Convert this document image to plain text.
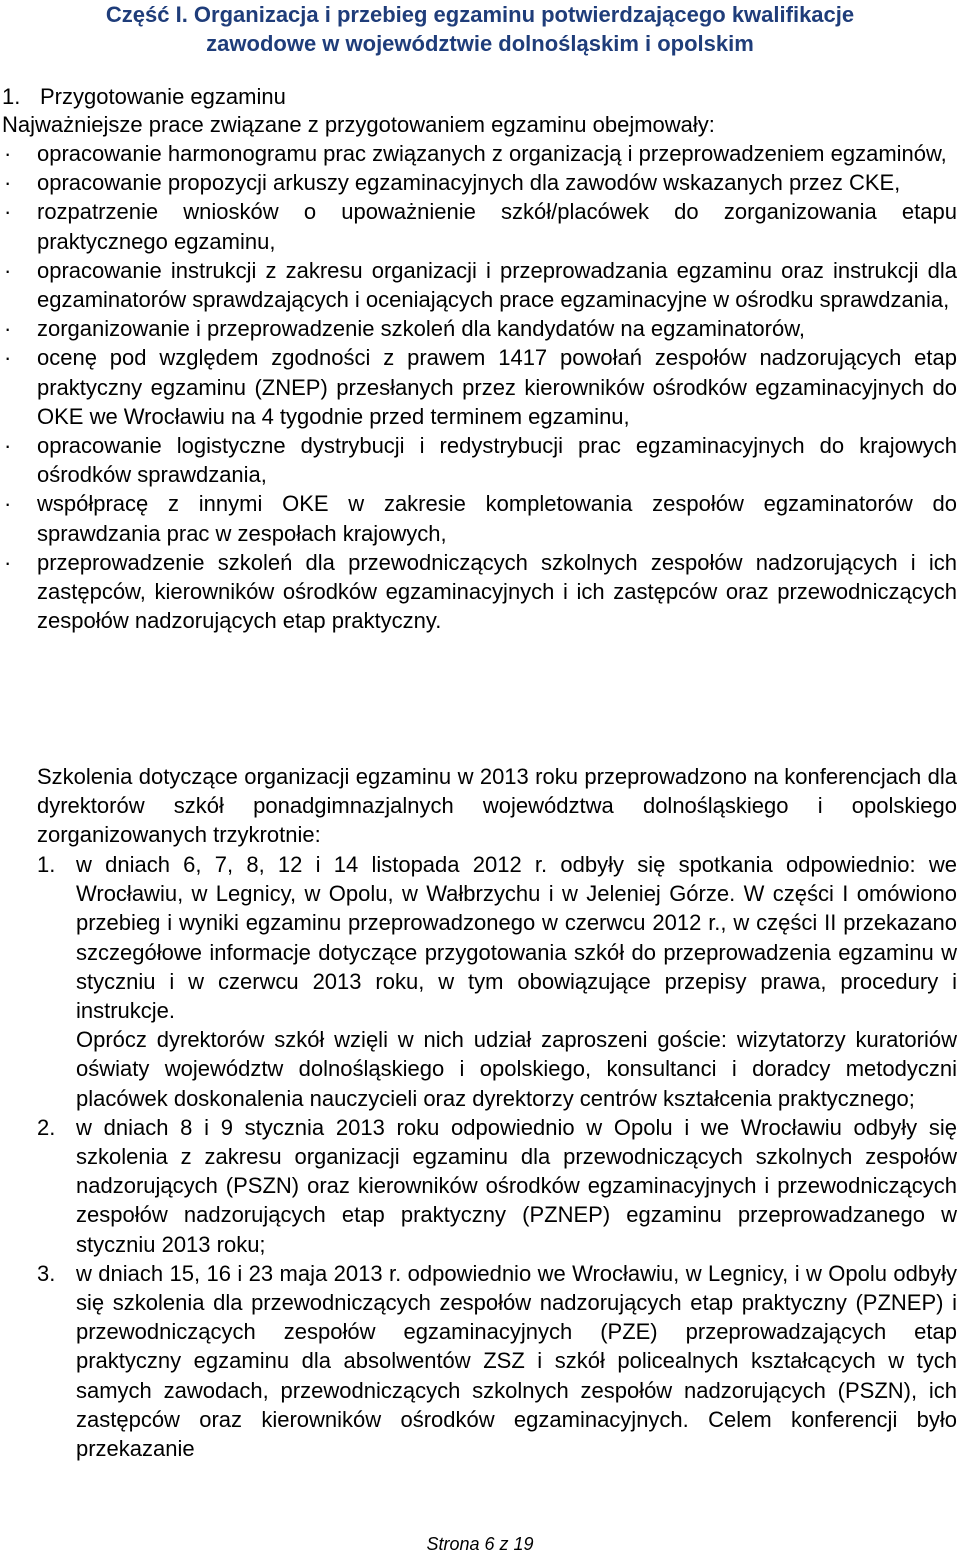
Część I. Organizacja i przebieg egzaminu potwierdzającego kwalifikacje
zawodowe w województwie dolnośląskim i opolskim
1. Przygotowanie egzaminu
Najważniejsze prace związane z przygotowaniem egzaminu obejmowały:
· opracowanie harmonogramu prac związanych z organizacją i przeprowadzeniem egzaminów,
· opracowanie propozycji arkuszy egzaminacyjnych dla zawodów wskazanych przez CKE,
· rozpatrzenie wniosków o upoważnienie szkół/placówek do zorganizowania etapu praktycznego egzaminu,
· opracowanie instrukcji z zakresu organizacji i przeprowadzania egzaminu oraz instrukcji dla egzaminatorów sprawdzających i oceniających prace egzaminacyjne w ośrodku sprawdzania,
· zorganizowanie i przeprowadzenie szkoleń dla kandydatów na egzaminatorów,
· ocenę pod względem zgodności z prawem 1417 powołań zespołów nadzorujących etap praktyczny egzaminu (ZNEP) przesłanych przez kierowników ośrodków egzaminacyjnych do OKE we Wrocławiu na 4 tygodnie przed terminem egzaminu,
· opracowanie logistyczne dystrybucji i redystrybucji prac egzaminacyjnych do krajowych ośrodków sprawdzania,
· współpracę z innymi OKE w zakresie kompletowania zespołów egzaminatorów do sprawdzania prac w zespołach krajowych,
· przeprowadzenie szkoleń dla przewodniczących szkolnych zespołów nadzorujących i ich zastępców, kierowników ośrodków egzaminacyjnych i ich zastępców oraz przewodniczących zespołów nadzorujących etap praktyczny.
Szkolenia dotyczące organizacji egzaminu w 2013 roku przeprowadzono na konferencjach dla dyrektorów szkół ponadgimnazjalnych województwa dolnośląskiego i opolskiego zorganizowanych trzykrotnie:
1. w dniach 6, 7, 8, 12 i 14 listopada 2012 r. odbyły się spotkania odpowiednio: we Wrocławiu, w Legnicy, w Opolu, w Wałbrzychu i w Jeleniej Górze. W części I omówiono przebieg i wyniki egzaminu przeprowadzonego w czerwcu 2012 r., w części II przekazano szczegółowe informacje dotyczące przygotowania szkół do przeprowadzenia egzaminu w styczniu i w czerwcu 2013 roku, w tym obowiązujące przepisy prawa, procedury i instrukcje.

Oprócz dyrektorów szkół wzięli w nich udział zaproszeni goście: wizytatorzy kuratoriów oświaty województw dolnośląskiego i opolskiego, konsultanci i doradcy metodyczni placówek doskonalenia nauczycieli oraz dyrektorzy centrów kształcenia praktycznego;

2. w dniach 8 i 9 stycznia 2013 roku odpowiednio w Opolu i we Wrocławiu odbyły się szkolenia z zakresu organizacji egzaminu dla przewodniczących szkolnych zespołów nadzorujących (PSZN) oraz kierowników ośrodków egzaminacyjnych i przewodniczących zespołów nadzorujących etap praktyczny (PZNEP) egzaminu przeprowadzanego w styczniu 2013 roku;

3. w dniach 15, 16 i 23 maja 2013 r. odpowiednio we Wrocławiu, w Legnicy, i w Opolu odbyły się szkolenia dla przewodniczących zespołów nadzorujących etap praktyczny (PZNEP) i przewodniczących zespołów egzaminacyjnych (PZE) przeprowadzających etap praktyczny egzaminu dla absolwentów ZSZ i szkół policealnych kształcących w tych samych zawodach, przewodniczących szkolnych zespołów nadzorujących (PSZN), ich zastępców oraz kierowników ośrodków egzaminacyjnych. Celem konferencji było przekazanie

Strona 6 z 19
